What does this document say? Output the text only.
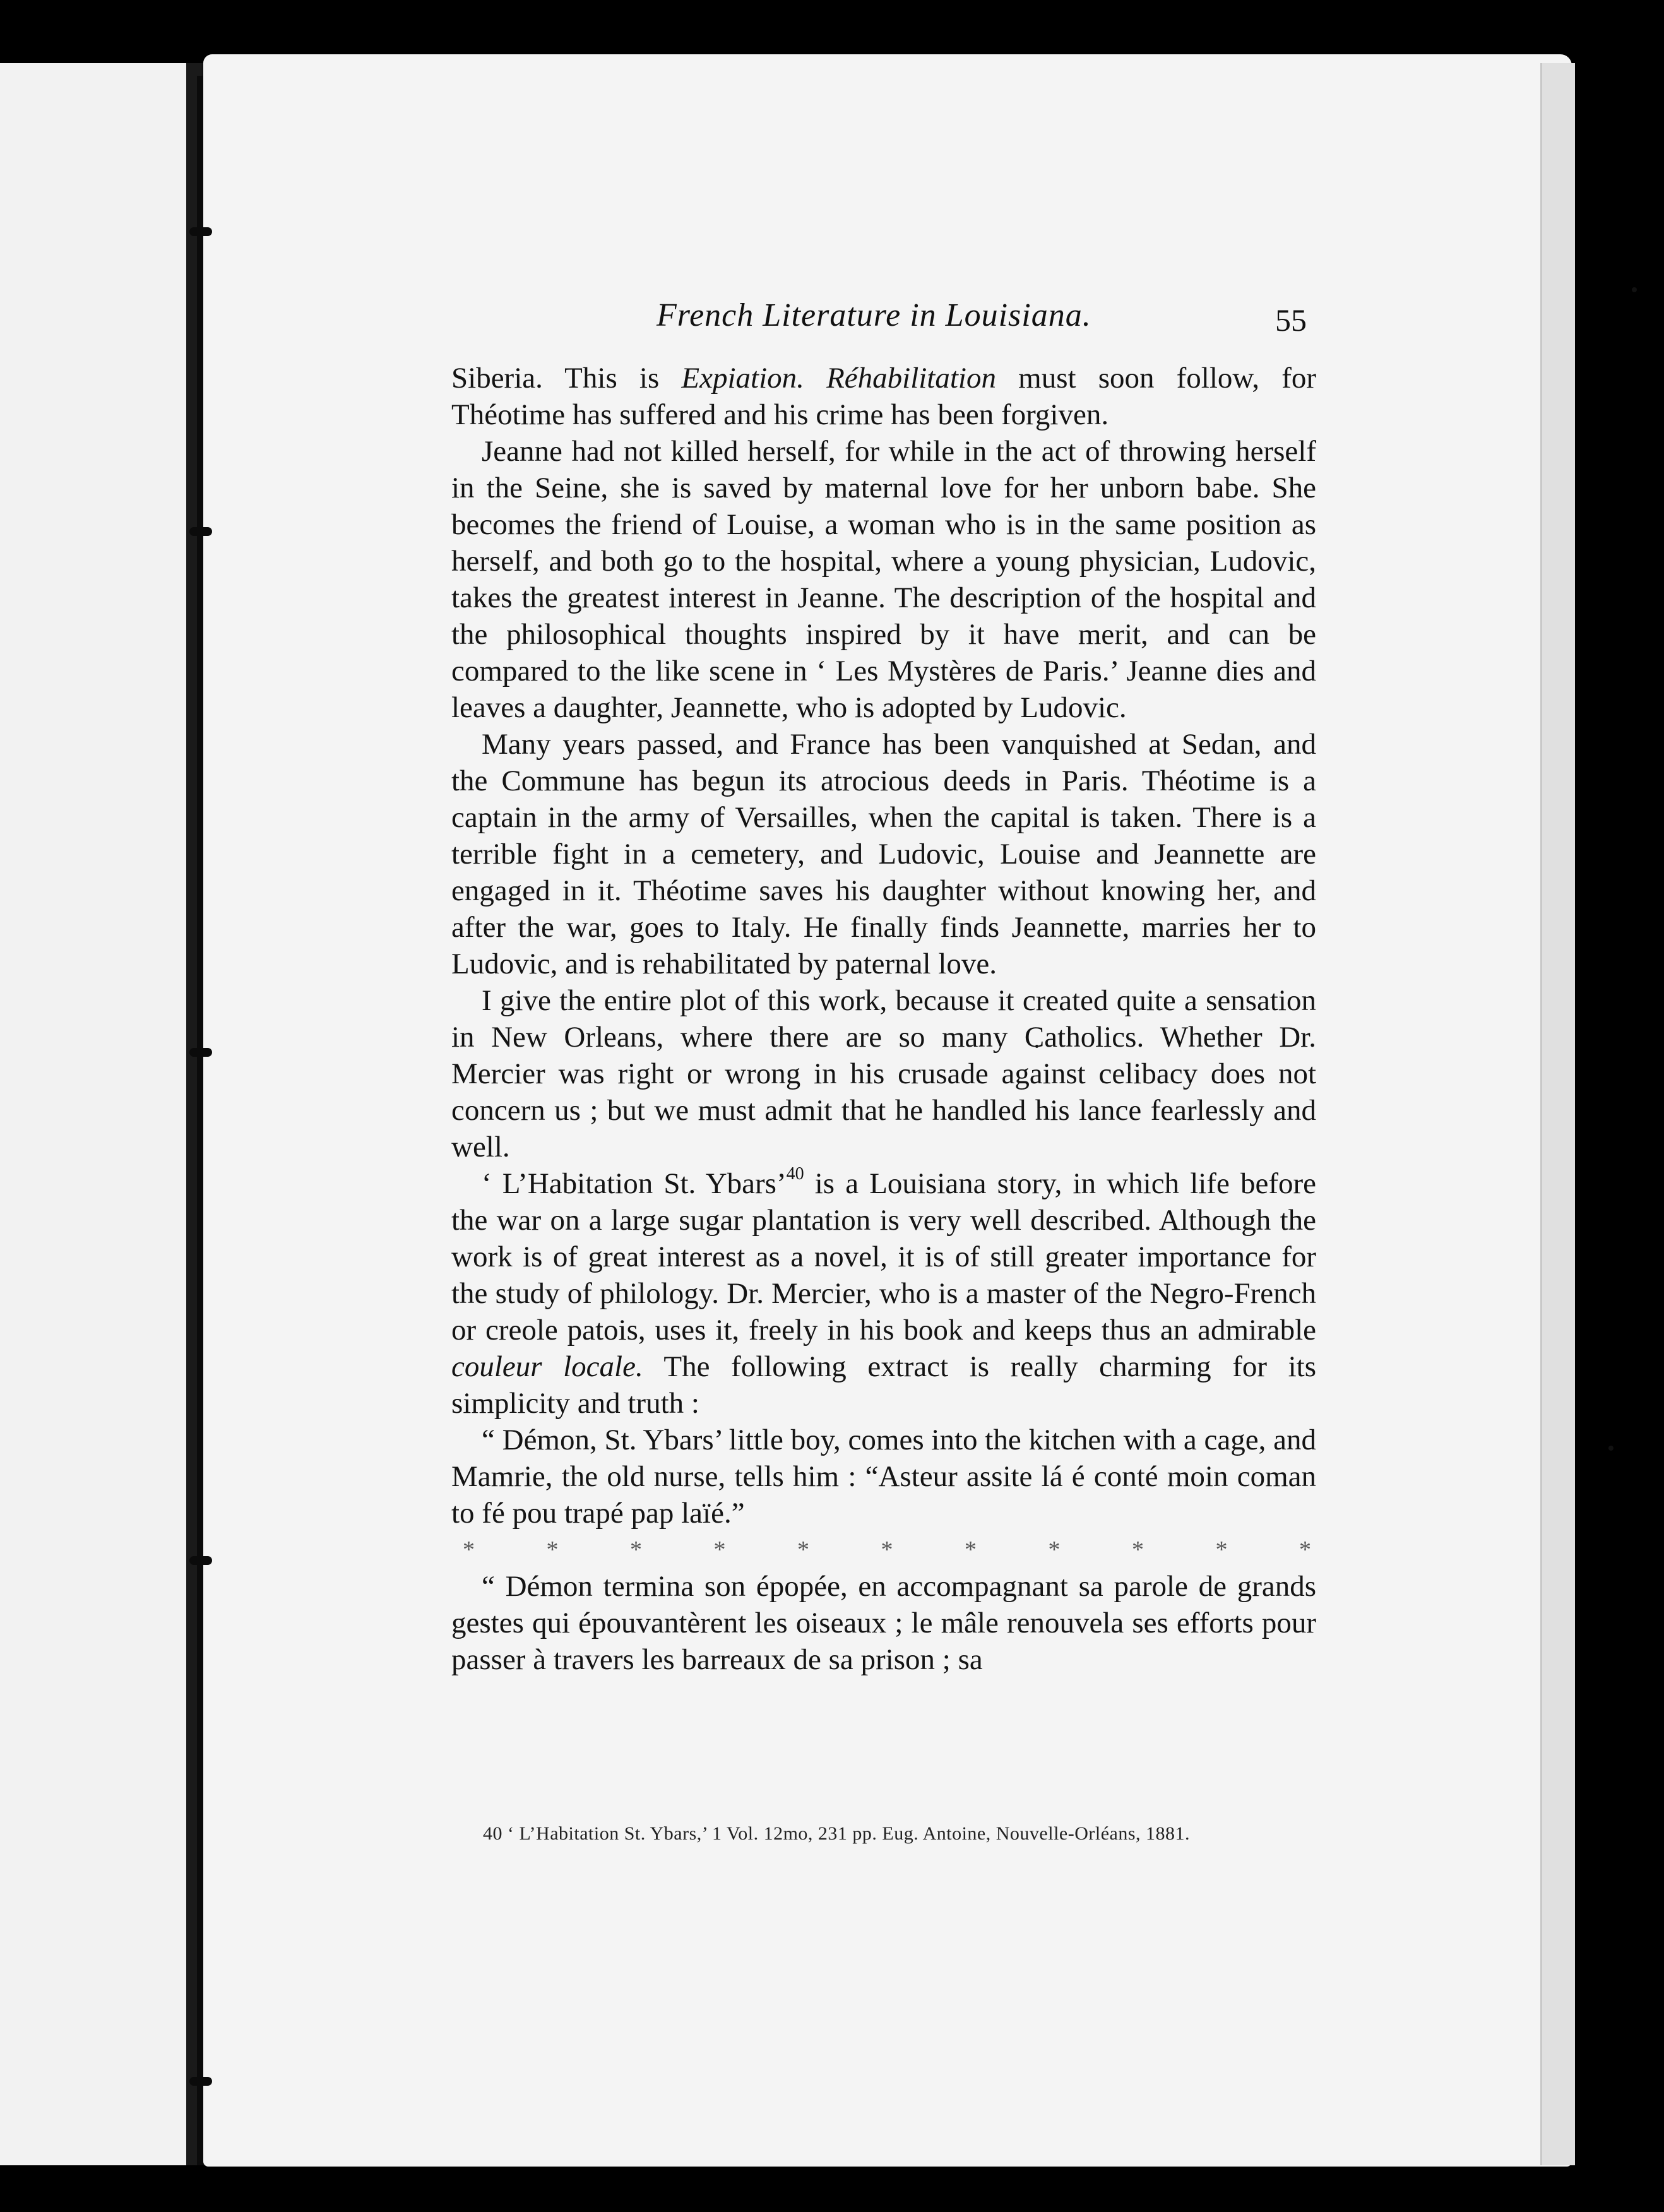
French Literature in Louisiana.	55

Siberia. This is Expiation. Réhabilitation must soon follow, for Théotime has suffered and his crime has been forgiven.

Jeanne had not killed herself, for while in the act of throwing herself in the Seine, she is saved by maternal love for her unborn babe. She becomes the friend of Louise, a woman who is in the same position as herself, and both go to the hospital, where a young physician, Ludovic, takes the greatest interest in Jeanne. The description of the hospital and the philosophical thoughts inspired by it have merit, and can be compared to the like scene in ‘ Les Mystères de Paris.’ Jeanne dies and leaves a daughter, Jeannette, who is adopted by Ludovic.

Many years passed, and France has been vanquished at Sedan, and the Commune has begun its atrocious deeds in Paris. Théotime is a captain in the army of Versailles, when the capital is taken. There is a terrible fight in a cemetery, and Ludovic, Louise and Jeannette are engaged in it. Théotime saves his daughter without knowing her, and after the war, goes to Italy. He finally finds Jeannette, marries her to Ludovic, and is rehabilitated by paternal love.

I give the entire plot of this work, because it created quite a sensation in New Orleans, where there are so many Catholics. Whether Dr. Mercier was right or wrong in his crusade against celibacy does not concern us ; but we must admit that he handled his lance fearlessly and well.

‘ L’Habitation St. Ybars’$^{40}$ is a Louisiana story, in which life before the war on a large sugar plantation is very well described. Although the work is of great interest as a novel, it is of still greater importance for the study of philology. Dr. Mercier, who is a master of the Negro-French or creole patois, uses it, freely in his book and keeps thus an admirable couleur locale. The following extract is really charming for its simplicity and truth :

“ Démon, St. Ybars’ little boy, comes into the kitchen with a cage, and Mamrie, the old nurse, tells him : “Asteur assite lá é conté moin coman to fé pou trapé pap laïé.”

*	*	*	*	*	*	*	*	*	*	*

“ Démon termina son épopée, en accompagnant sa parole de grands gestes qui épouvantèrent les oiseaux ; le mâle renouvela ses efforts pour passer à travers les barreaux de sa prison ; sa

40 ‘ L’Habitation St. Ybars,’ 1 Vol. 12mo, 231 pp. Eug. Antoine, Nouvelle-Orléans, 1881.
